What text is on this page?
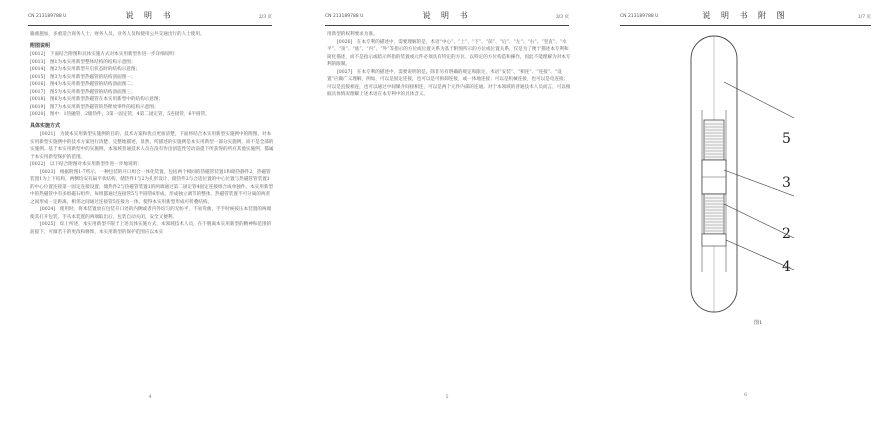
CN 213189788 U	说 明 书	2/3 页

输液施加，多重适合商务人士、财务人员、业务人员和使用公共交通出行的人士使用。

附图说明

[0012]　下面结合附图和具体实施方式对本实用新型作进一步详细说明：

[0013]　图1为本实用新型整体结构的结构示意图；

[0014]　图2为本实用新型开启状态时的结构示意图；

[0015]　图3为本实用新型热磁管的结构剖面图一；

[0016]　图4为本实用新型热磁管的结构剖面图二；

[0017]　图5为本实用新型热磁管的结构剖面图三；

[0018]　图6为本实用新型热磁管在本实用新型中的结构示意图；

[0019]　图7为本实用新型热磁管的热释放零件的结构示意图；

[0020]　图中：1热融管，2储热件，3第一固定管，4第二固定管，5连接管，6半圆管。

具体实施方式

[0021]　为使本实用新型实施例的目的、技术方案和优点更加清楚，下面将结合本实用新型实施例中的附图，对本实用新型实施例中的技术方案进行清楚、完整地描述，显然，所描述的实施例是本实用新型一部分实施例，而不是全部的实施例。基于本实用新型中的实施例，本领域普通技术人员在没有作出创造性劳动前提下所获得的所有其他实施例，都属于本实用新型保护的范围。

[0022]　以下结合附图对本实用新型作进一步地说明：

[0023]　根据附图1-7所示，一种包装的开口组合一体化装置，包括两个相同的热磁管装置1和储热静件2，热磁管装置1为上下结构，两侧均安有扁平状结构，储热件1与2为孔形设计，储热件2与合适位置的中心位置与热磁管管装置1的中心位置连接第一固定连接设置，储热件2与热磁管装置1的两端通过第二固定管4固定连接组合成单独件。本实用新型中的热磁管中有多组磁石组件，每组都通过连接管5与半圆管6形成，形成独立调节的整体，热磁管装置不可分离的两者之间形成一定距离，相邻之间通过连接管5连接为一体，使得本实用新型形成可折叠结构。

[0024]　使用时，将本装置放在包装开口处的内侧或者内外均匀的无纺平，不易弯曲，手手时候按压本装置的两端使其打开包装，手从本装置的两端取出后，包装自动关闭，安全又便利。

[0025]　综上所述，本实用新型不限于上述具体实施方式，本领域技术人员，在不脱离本实用新型的精神和范围的前提下，可做若干的更改和修饰，本实用新型的保护范围应以本实

4
CN 213189788 U	说 明 书	3/3 页

用新型的权利要求为准。

[0026]　在本专利的描述中，需要理解的是，术语“中心”、“上”、“下”、“前”、“后”、“左”、“右”、“竖直”、“水平”、“顶”、“底”、“内”、“外”等指示的方位或位置关系为基于附图所示的方位或位置关系，仅是为了便于描述本专利和简化描述，而不是指示或暗示所指的装置或元件必须具有特定的方位、以特定的方位构造和操作，因此不能理解为对本专利的限制。

[0027]　在本专利的描述中，需要说明的是，除非另有明确的规定和限定，术语“安装”、“相连”、“连接”、“设置”应做广义理解，例如，可以是固定连接，也可以是可拆卸连接，或一体地连接；可以是机械连接，也可以是电连接；可以是直接相连，也可以通过中间媒介间接相连，可以是两个元件内部的连通。对于本领域的普通技术人员而言，可以根据具体情况理解上述术语在本专利中的具体含义。

5
CN 213189788 U	说 明 书 附 图	1/7 页
5
3
2
4
图1
6
